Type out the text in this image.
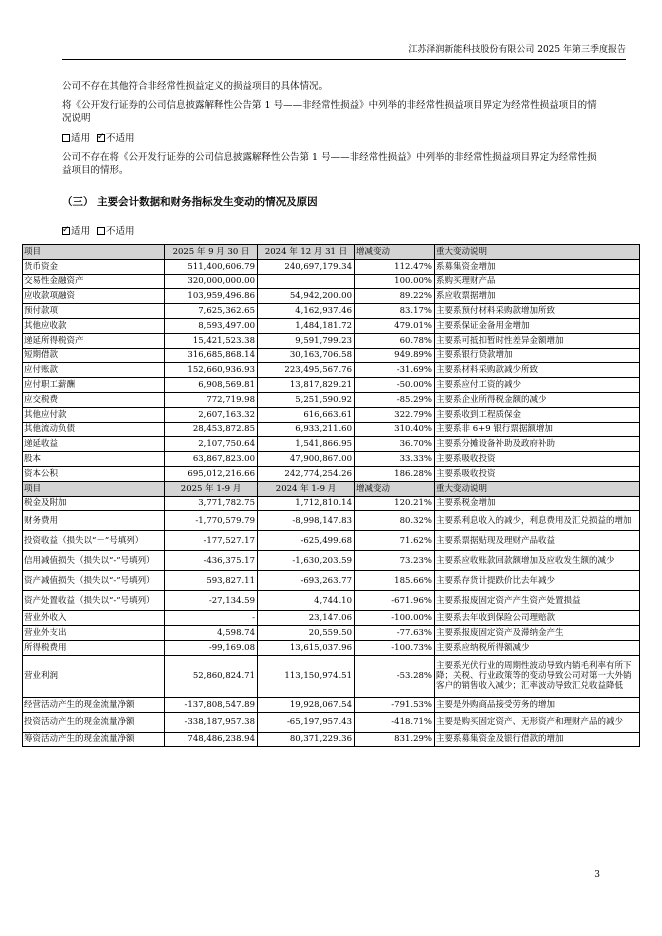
江苏泽润新能科技股份有限公司 2025 年第三季度报告

公司不存在其他符合非经常性损益定义的损益项目的具体情况。

将《公开发行证券的公司信息披露解释性公告第 1 号——非经常性损益》中列举的非经常性损益项目界定为经常性损益项目的情况说明

适用 ✓ 不适用

公司不存在将《公开发行证券的公司信息披露解释性公告第 1 号——非经常性损益》中列举的非经常性损益项目界定为经常性损益项目的情形。

（三） 主要会计数据和财务指标发生变动的情况及原因
✓适用 不适用
项目	2025 年 9 月 30 日	2024 年 12 月 31 日	增减变动	重大变动说明
货币资金	511,400,606.79	240,697,179.34	112.47%	系募集资金增加
交易性金融资产	320,000,000.00		100.00%	系购买理财产品
应收款项融资	103,959,496.86	54,942,200.00	89.22%	系应收票据增加
预付款项	7,625,362.65	4,162,937.46	83.17%	主要系预付材料采购款增加所致
其他应收款	8,593,497.00	1,484,181.72	479.01%	主要系保证金备用金增加
递延所得税资产	15,421,523.38	9,591,799.23	60.78%	主要系可抵扣暂时性差异金额增加
短期借款	316,685,868.14	30,163,706.58	949.89%	主要系银行贷款增加
应付账款	152,660,936.93	223,495,567.76	-31.69%	主要系材料采购款减少所致
应付职工薪酬	6,908,569.81	13,817,829.21	-50.00%	主要系应付工资的减少
应交税费	772,719.98	5,251,590.92	-85.29%	主要系企业所得税金额的减少
其他应付款	2,607,163.32	616,663.61	322.79%	主要系收到工程质保金
其他流动负债	28,453,872.85	6,933,211.60	310.40%	主要系非 6+9 银行票据额增加
递延收益	2,107,750.64	1,541,866.95	36.70%	主要系分摊设备补助及政府补助
股本	63,867,823.00	47,900,867.00	33.33%	主要系吸收投资
资本公积	695,012,216.66	242,774,254.26	186.28%	主要系吸收投资
项目	2025 年 1-9 月	2024 年 1-9 月	增减变动	重大变动说明
税金及附加	3,771,782.75	1,712,810.14	120.21%	主要系税金增加
财务费用	-1,770,579.79	-8,998,147.83	80.32%	主要系利息收入的减少，利息费用及汇兑损益的增加
投资收益（损失以“－”号填列）	-177,527.17	-625,499.68	71.62%	主要系票据贴现及理财产品收益
信用减值损失（损失以“-”号填列）	-436,375.17	-1,630,203.59	73.23%	主要系应收账款回款额增加及应收发生额的减少
资产减值损失（损失以“-”号填列）	593,827.11	-693,263.77	185.66%	主要系存货计提跌价比去年减少
资产处置收益（损失以“-”号填列）	-27,134.59	4,744.10	-671.96%	主要系报废固定资产产生资产处置损益
营业外收入	-	23,147.06	-100.00%	主要系去年收到保险公司理赔款
营业外支出	4,598.74	20,559.50	-77.63%	主要系报废固定资产及滞纳金产生
所得税费用	-99,169.08	13,615,037.96	-100.73%	主要系应纳税所得额减少
营业利润	52,860,824.71	113,150,974.51	-53.28%	主要系光伏行业的周期性波动导致内销毛利率有所下降；关税、行业政策等的变动导致公司对第一大外销客户的销售收入减少；汇率波动导致汇兑收益降低
经营活动产生的现金流量净额	-137,808,547.89	19,928,067.54	-791.53%	主要是外购商品接受劳务的增加
投资活动产生的现金流量净额	-338,187,957.38	-65,197,957.43	-418.71%	主要是购买固定资产、无形资产和理财产品的减少
筹资活动产生的现金流量净额	748,486,238.94	80,371,229.36	831.29%	主要系募集资金及银行借款的增加
3
